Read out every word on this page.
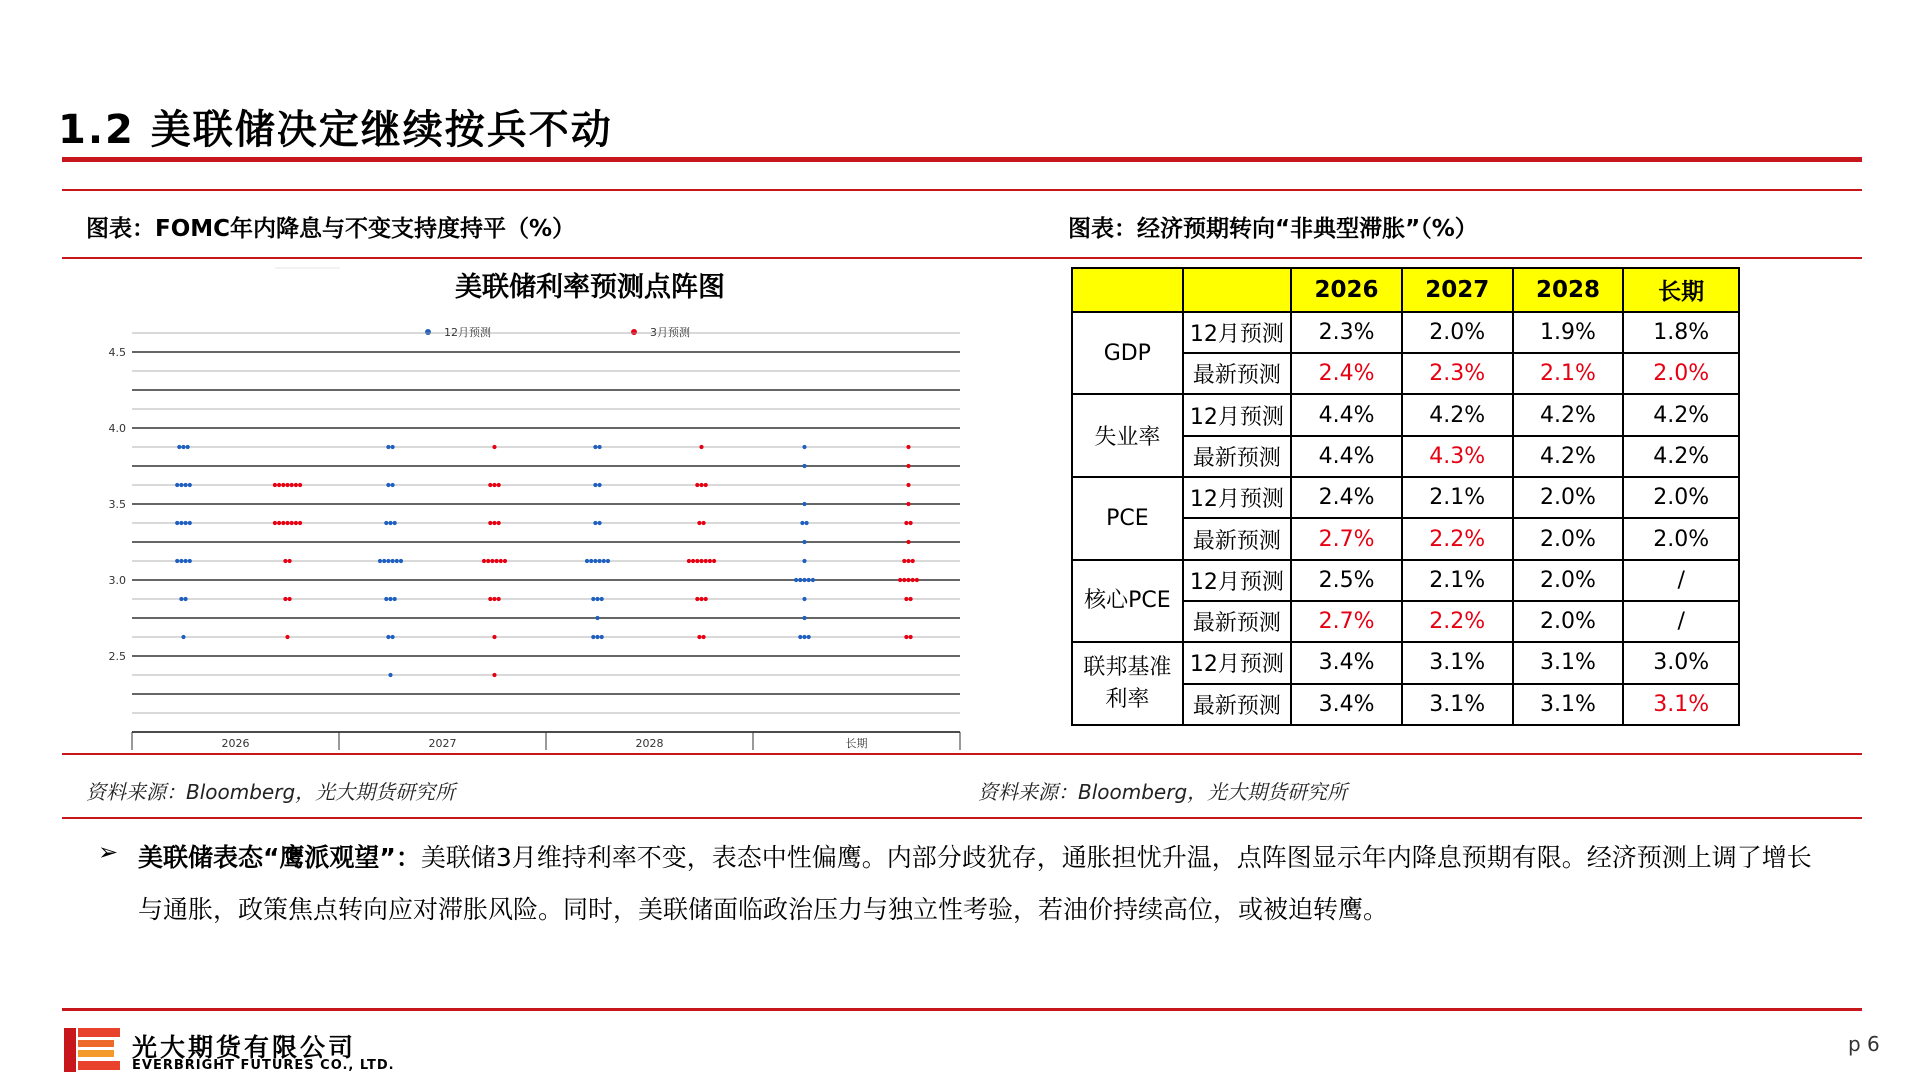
1.2 美联储决定继续按兵不动
图表：FOMC年内降息与不变支持度持平（%）	图表：经济预期转向“非典型滞胀”（%）
美联储利率预测点阵图
12月预测	3月预测
4.5
4.0
3.5
3.0
2.5
2026	2027	2028	长期
		2026	2027	2028	长期
GDP	12月预测	2.3%	2.0%	1.9%	1.8%
	最新预测	2.4%	2.3%	2.1%	2.0%
失业率	12月预测	4.4%	4.2%	4.2%	4.2%
	最新预测	4.4%	4.3%	4.2%	4.2%
PCE	12月预测	2.4%	2.1%	2.0%	2.0%
	最新预测	2.7%	2.2%	2.0%	2.0%
核心PCE	12月预测	2.5%	2.1%	2.0%	/
	最新预测	2.7%	2.2%	2.0%	/
联邦基准利率	12月预测	3.4%	3.1%	3.1%	3.0%
	最新预测	3.4%	3.1%	3.1%	3.1%
资料来源：Bloomberg，光大期货研究所	资料来源：Bloomberg，光大期货研究所
➢ 美联储表态“鹰派观望”：美联储3月维持利率不变，表态中性偏鹰。内部分歧犹存，通胀担忧升温，点阵图显示年内降息预期有限。经济预测上调了增长与通胀，政策焦点转向应对滞胀风险。同时，美联储面临政治压力与独立性考验，若油价持续高位，或被迫转鹰。
光大期货有限公司
EVERBRIGHT FUTURES CO., LTD.
p 6
